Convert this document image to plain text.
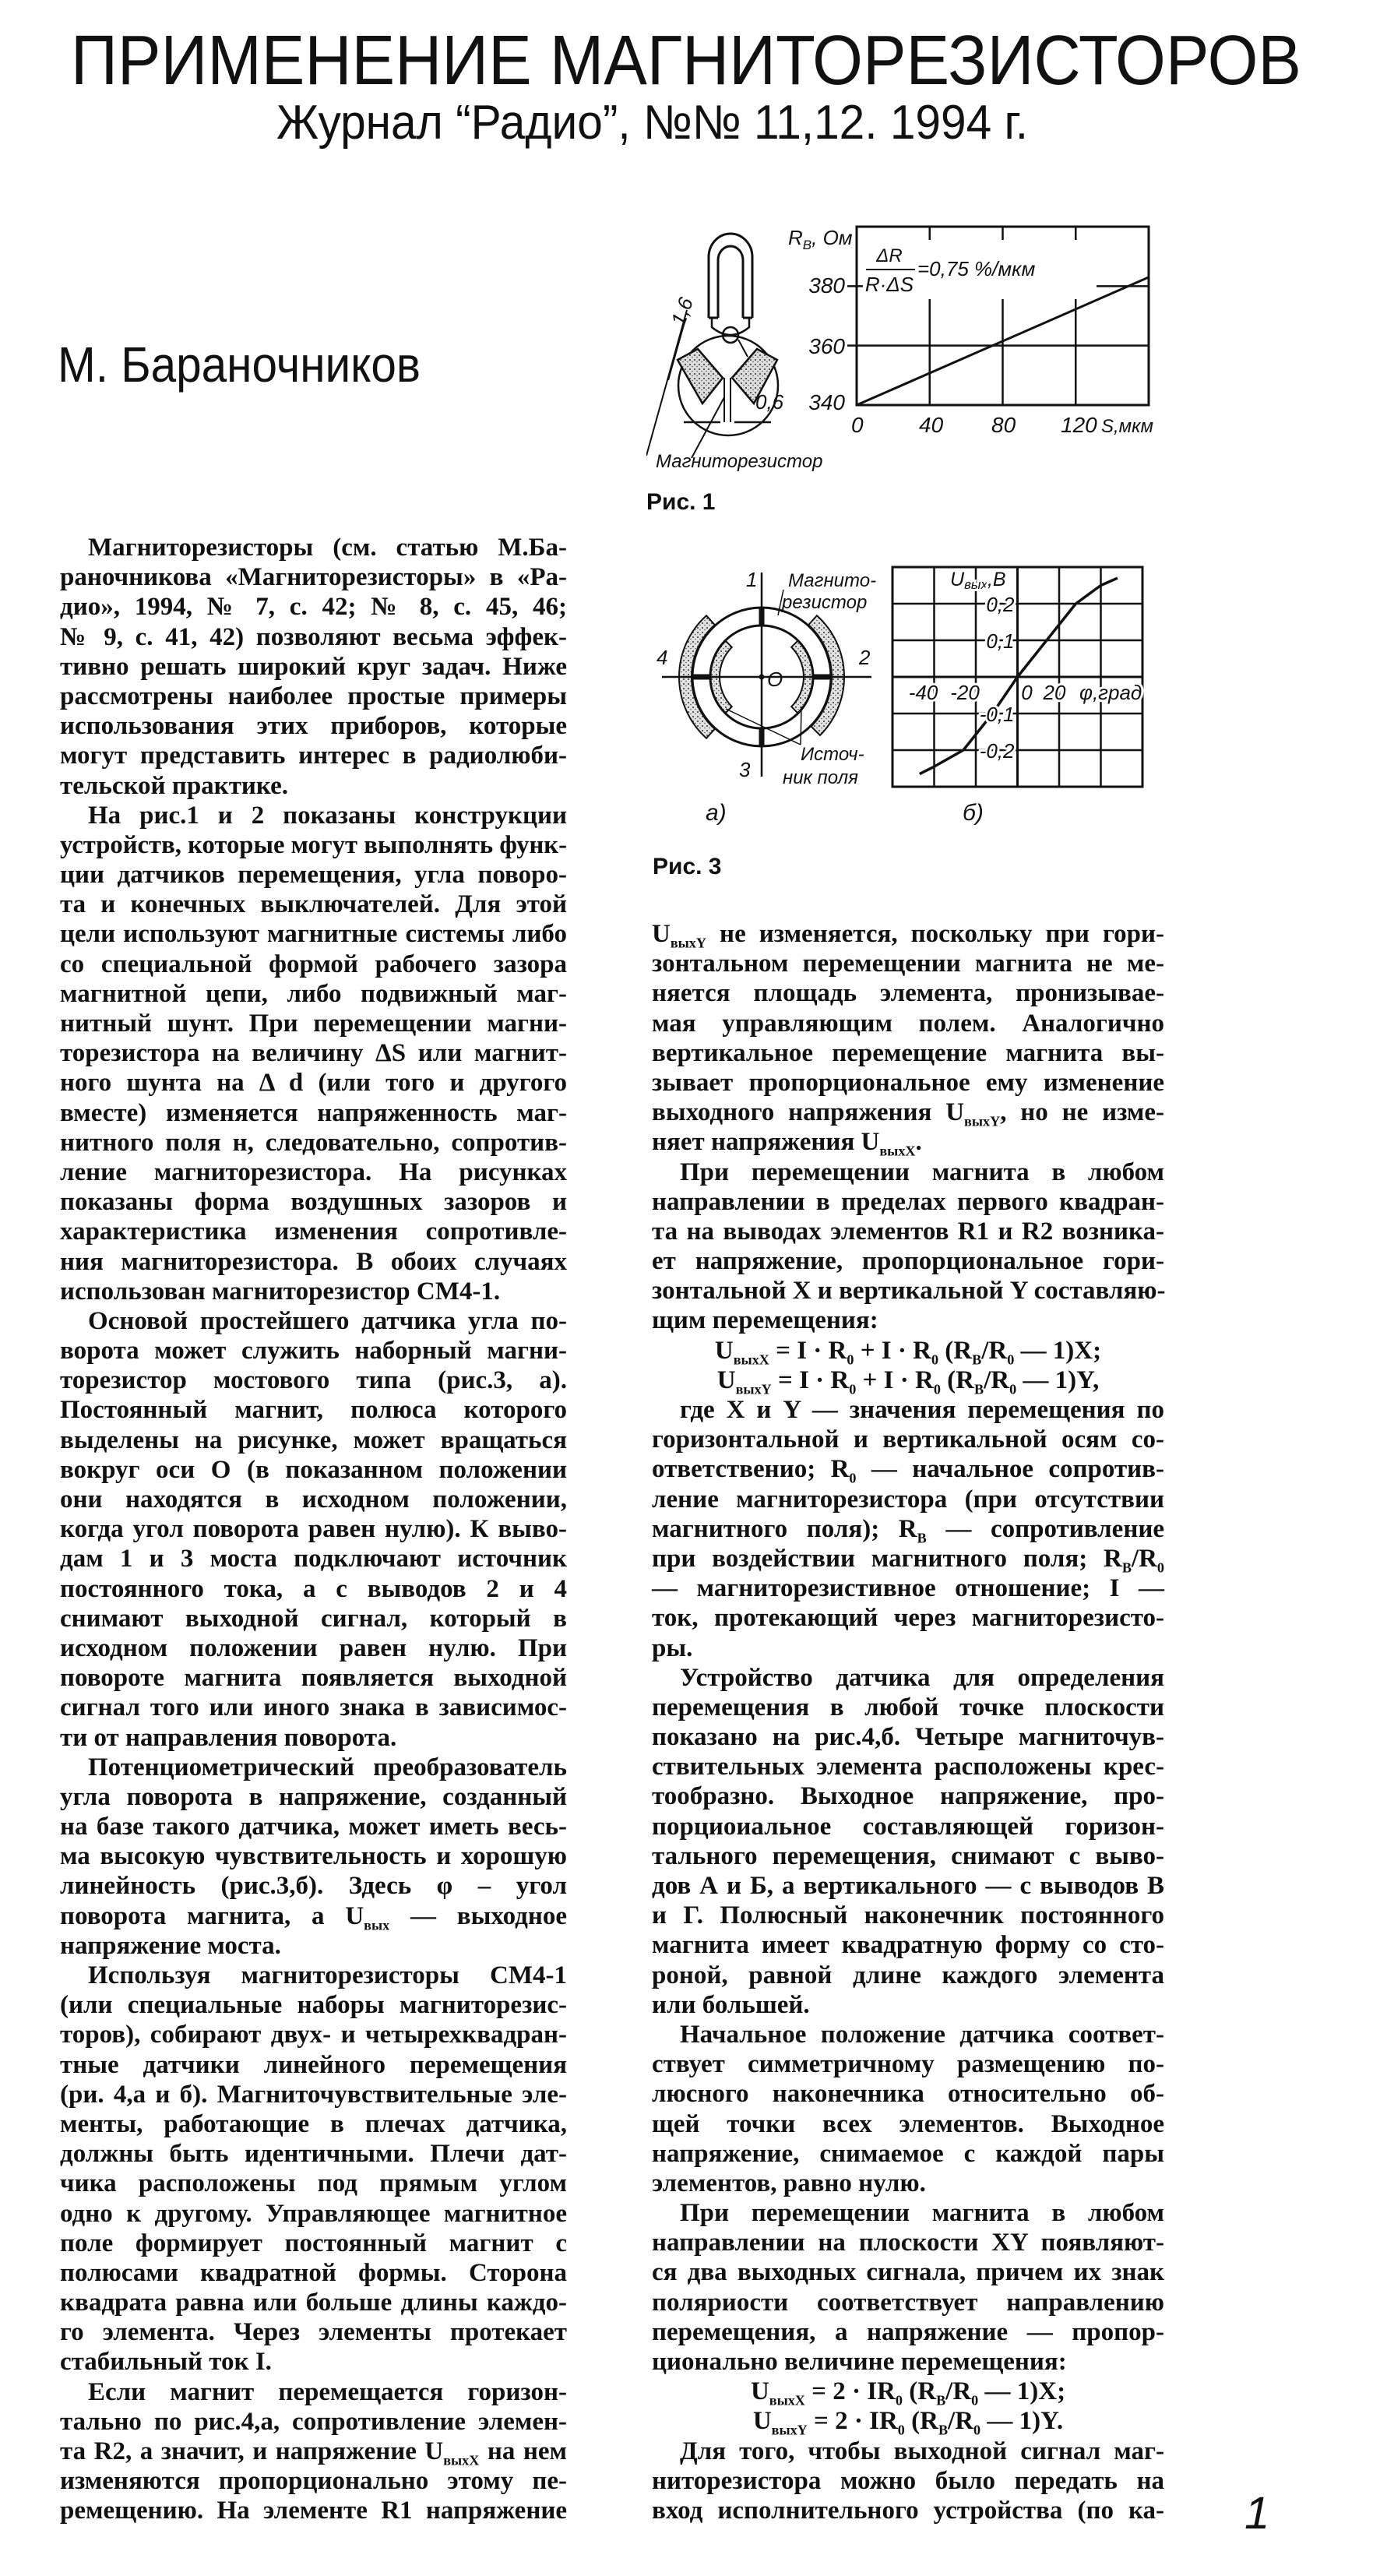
ПРИМЕНЕНИЕ МАГНИТОРЕЗИСТОРОВ
Журнал “Радио”, №№ 11,12. 1994 г.
М. Бараночников
1,6
0,6
Магниторезистор
ΔR
R·ΔS
=0,75 %/мкм
$R_B$, Ом
380
360
340
0	40 80 120 S,мкм
Рис. 1
1
2
3
4
O
Магнито-
резистор
Источ-
ник поля
а)
Uвых,В
0,2
0,1
-0,1
-0,2
-40 -20 0 20 φ,град
б)
Рис. 3
Магниторезисторы (см. статью М.Ба-
раночникова «Магниторезисторы» в «Ра-
дио», 1994, № 7, с. 42; № 8, с. 45, 46;
№ 9, с. 41, 42) позволяют весьма эффек-
тивно решать широкий круг задач. Ниже
рассмотрены наиболее простые примеры
использования этих приборов, которые
могут представить интерес в радиолюби-
тельской практике.
На рис.1 и 2 показаны конструкции
устройств, которые могут выполнять функ-
ции датчиков перемещения, угла поворо-
та и конечных выключателей. Для этой
цели используют магнитные системы либо
со специальной формой рабочего зазора
магнитной цепи, либо подвижный маг-
нитный шунт. При перемещении магни-
торезистора на величину ΔS или магнит-
ного шунта на Δ d (или того и другого
вместе) изменяется напряженность маг-
нитного поля н, следовательно, сопротив-
ление магниторезистора. На рисунках
показаны форма воздушных зазоров и
характеристика изменения сопротивле-
ния магниторезистора. В обоих случаях
использован магниторезистор СМ4-1.
Основой простейшего датчика угла по-
ворота может служить наборный магни-
торезистор мостового типа (рис.3, а).
Постоянный магнит, полюса которого
выделены на рисунке, может вращаться
вокруг оси О (в показанном положении
они находятся в исходном положении,
когда угол поворота равен нулю). К выво-
дам 1 и 3 моста подключают источник
постоянного тока, а с выводов 2 и 4
снимают выходной сигнал, который в
исходном положении равен нулю. При
повороте магнита появляется выходной
сигнал того или иного знака в зависимос-
ти от направления поворота.
Потенциометрический преобразователь
угла поворота в напряжение, созданный
на базе такого датчика, может иметь весь-
ма высокую чувствительность и хорошую
линейность (рис.3,б). Здесь φ – угол
поворота магнита, а $U_{вых}$ — выходное
напряжение моста.
Используя магниторезисторы СМ4-1
(или специальные наборы магниторезис-
торов), собирают двух- и четырехквадран-
тные датчики линейного перемещения
(ри. 4,а и б). Магниточувствительные эле-
менты, работающие в плечах датчика,
должны быть идентичными. Плечи дат-
чика расположены под прямым углом
одно к другому. Управляющее магнитное
поле формирует постоянный магнит с
полюсами квадратной формы. Сторона
квадрата равна или больше длины каждо-
го элемента. Через элементы протекает
стабильный ток I.
Если магнит перемещается горизон-
тально по рис.4,а, сопротивление элемен-
та R2, а значит, и напряжение $U_{выхX}$ на нем
изменяются пропорционально этому пе-
ремещению. На элементе R1 напряжение
$U_{выхY}$ не изменяется, поскольку при гори-
зонтальном перемещении магнита не ме-
няется площадь элемента, пронизывае-
мая управляющим полем. Аналогично
вертикальное перемещение магнита вы-
зывает пропорциональное ему изменение
выходного напряжения $U_{выхY}$, но не изме-
няет напряжения $U_{выхX}$.
При перемещении магнита в любом
направлении в пределах первого квадран-
та на выводах элементов R1 и R2 возника-
ет напряжение, пропорциональное гори-
зонтальной X и вертикальной Y составляю-
щим перемещения:
$U_{выхX} = I \cdot R_0 + I \cdot R_0$ ($R_B/R_0$ — 1)X;
$U_{выхY} = I \cdot R_0 + I \cdot R_0$ ($R_B/R_0$ — 1)Y,
где X и Y — значения перемещения по
горизонтальной и вертикальной осям со-
ответственио; $R_0$ — начальное сопротив-
ление магниторезистора (при отсутствии
магнитного поля); $R_B$ — сопротивление
при воздействии магнитного поля; $R_B/R_0$
— магниторезистивное отношение; I —
ток, протекающий через магниторезисто-
ры.
Устройство датчика для определения
перемещения в любой точке плоскости
показано на рис.4,б. Четыре магниточув-
ствительных элемента расположены крес-
тообразно. Выходное напряжение, про-
порциоиальное составляющей горизон-
тального перемещения, снимают с выво-
дов А и Б, а вертикального — с выводов В
и Г. Полюсный наконечник постоянного
магнита имеет квадратную форму со сто-
роной, равной длине каждого элемента
или большей.
Начальное положение датчика соответ-
ствует симметричному размещению по-
люсного наконечника относительно об-
щей точки всех элементов. Выходное
напряжение, снимаемое с каждой пары
элементов, равно нулю.
При перемещении магнита в любом
направлении на плоскости XY появляют-
ся два выходных сигнала, причем их знак
поляриости соответствует направлению
перемещения, а напряжение — пропор-
ционально величине перемещения:
$U_{выхX} = 2 \cdot IR_0$ ($R_B/R_0$ — 1)X;
$U_{выхY} = 2 \cdot IR_0$ ($R_B/R_0$ — 1)Y.
Для того, чтобы выходной сигнал маг-
ниторезистора можно было передать на
вход исполнительного устройства (по ка- 1
